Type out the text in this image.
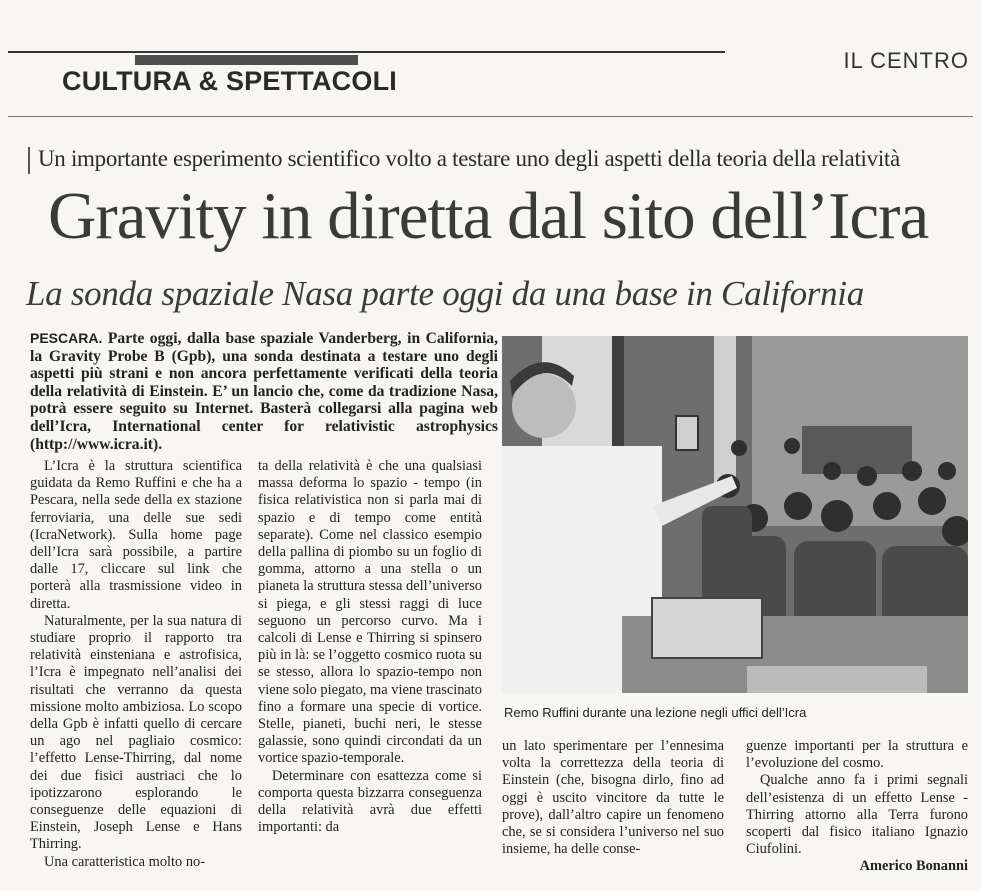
CULTURA & SPETTACOLI
IL CENTRO
Un importante esperimento scientifico volto a testare uno degli aspetti della teoria della relatività
Gravity in diretta dal sito dell’Icra
La sonda spaziale Nasa parte oggi da una base in California
PESCARA. Parte oggi, dalla base spaziale Vanderberg, in California, la Gravity Probe B (Gpb), una sonda destinata a testare uno degli aspetti più strani e non ancora perfettamente verificati della teoria della relatività di Einstein. E’ un lancio che, come da tradizione Nasa, potrà essere seguito su Internet. Basterà collegarsi alla pagina web dell’Icra, International center for relativistic astrophysics (http://www.icra.it).

L’Icra è la struttura scientifica guidata da Remo Ruffini e che ha a Pescara, nella sede della ex stazione ferroviaria, una delle sue sedi (IcraNetwork). Sulla home page dell’Icra sarà possibile, a partire dalle 17, cliccare sul link che porterà alla trasmissione video in diretta.

Naturalmente, per la sua natura di studiare proprio il rapporto tra relatività einsteniana e astrofisica, l’Icra è impegnato nell’analisi dei risultati che verranno da questa missione molto ambiziosa. Lo scopo della Gpb è infatti quello di cercare un ago nel pagliaio cosmico: l’effetto Lense-Thirring, dal nome dei due fisici austriaci che lo ipotizzarono esplorando le conseguenze delle equazioni di Einstein, Joseph Lense e Hans Thirring.

Una caratteristica molto no-

ta della relatività è che una qualsiasi massa deforma lo spazio - tempo (in fisica relativistica non si parla mai di spazio e di tempo come entità separate). Come nel classico esempio della pallina di piombo su un foglio di gomma, attorno a una stella o un pianeta la struttura stessa dell’universo si piega, e gli stessi raggi di luce seguono un percorso curvo. Ma i calcoli di Lense e Thirring si spinsero più in là: se l’oggetto cosmico ruota su se stesso, allora lo spazio-tempo non viene solo piegato, ma viene trascinato fino a formare una specie di vortice. Stelle, pianeti, buchi neri, le stesse galassie, sono quindi circondati da un vortice spazio-temporale.

Determinare con esattezza come si comporta questa bizzarra conseguenza della relatività avrà due effetti importanti: da

un lato sperimentare per l’ennesima volta la correttezza della teoria di Einstein (che, bisogna dirlo, fino ad oggi è uscito vincitore da tutte le prove), dall’altro capire un fenomeno che, se si considera l’universo nel suo insieme, ha delle conse-

guenze importanti per la struttura e l’evoluzione del cosmo.

Qualche anno fa i primi segnali dell’esistenza di un effetto Lense - Thirring attorno alla Terra furono scoperti dal fisico italiano Ignazio Ciufolini.

Americo Bonanni
Remo Ruffini durante una lezione negli uffici dell’Icra
